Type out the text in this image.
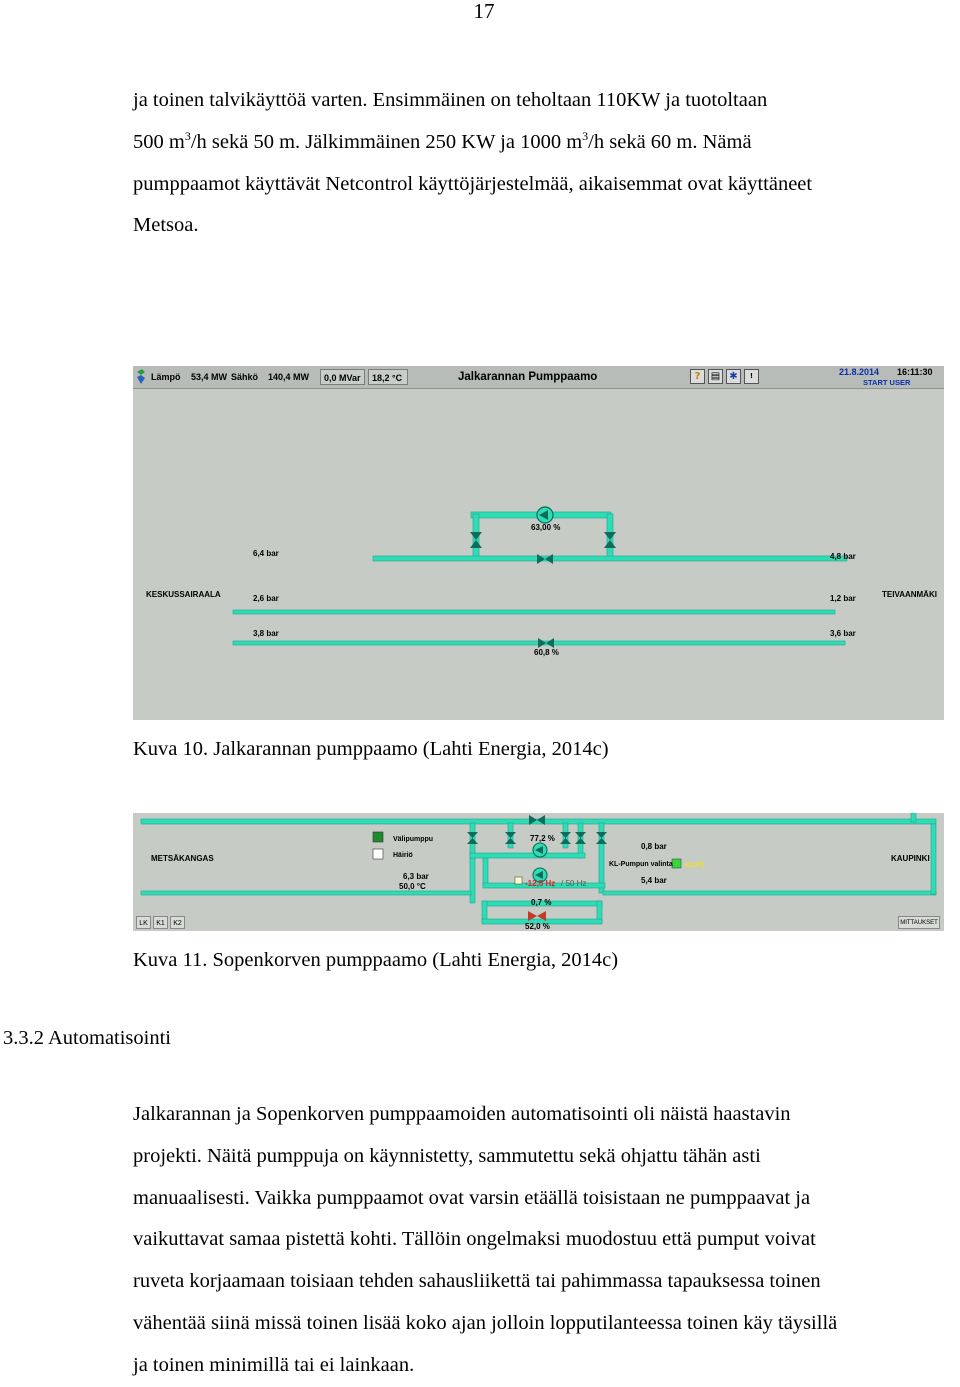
17
ja toinen talvikäyttöä varten. Ensimmäinen on teholtaan 110KW ja tuotoltaan
500 $m^3/h$ sekä 50 m. Jälkimmäinen 250 KW ja 1000 $m^3/h$ sekä 60 m. Nämä
pumppaamot käyttävät Netcontrol käyttöjärjestelmää, aikaisemmat ovat käyttäneet
Metsoa.
Lämpö 53,4 MW Sähkö 140,4 MW	0,0 MVar	18,2 °C	Jalkarannan Pumppaamo	?	▤ ✱	!	21.8.2014 16:11:30
START USER
63,00 %
6,4 bar	4,8 bar
KESKUSSAIRAALA	TEIVAANMÄKI
2,6 bar	1,2 bar
3,8 bar	3,6 bar
60,8 %
Kuva 10. Jalkarannan pumppaamo (Lahti Energia, 2014c)
METSÄKANGAS	KAUPINKI
Välipumppu
Häiriö
77,2 %
0,8 bar
KL-Pumpun valinta KLP2
6,3 bar
50,0 °C	-12,5 Hz / 50 Hz	5,4 bar
0,7 %
52,0 %
LK	K1	K2	MITTAUKSET
Kuva 11. Sopenkorven pumppaamo (Lahti Energia, 2014c)
3.3.2 Automatisointi
Jalkarannan ja Sopenkorven pumppaamoiden automatisointi oli näistä haastavin
projekti. Näitä pumppuja on käynnistetty, sammutettu sekä ohjattu tähän asti
manuaalisesti. Vaikka pumppaamot ovat varsin etäällä toisistaan ne pumppaavat ja
vaikuttavat samaa pistettä kohti. Tällöin ongelmaksi muodostuu että pumput voivat
ruveta korjaamaan toisiaan tehden sahausliikettä tai pahimmassa tapauksessa toinen
vähentää siinä missä toinen lisää koko ajan jolloin lopputilanteessa toinen käy täysillä
ja toinen minimillä tai ei lainkaan.
